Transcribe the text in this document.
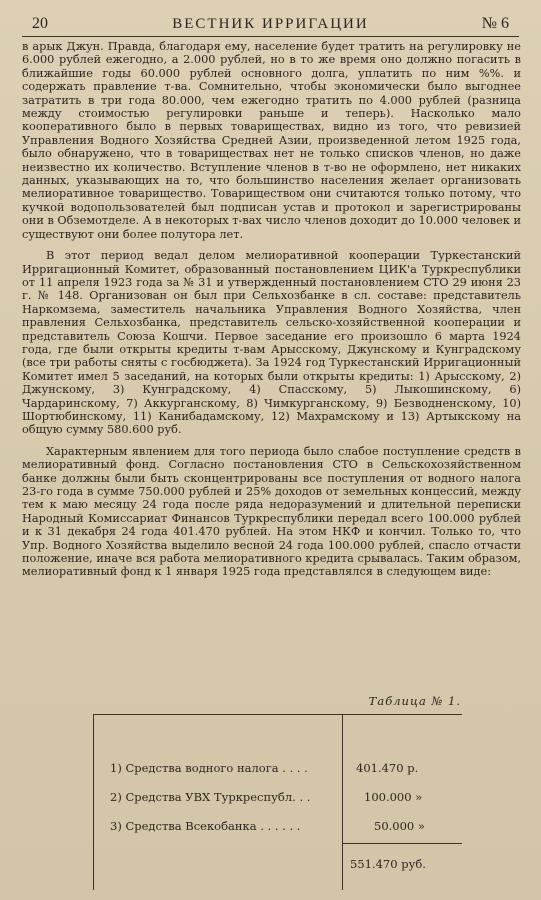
20	ВЕСТНИК ИРРИГАЦИИ	№ 6

в арык Джун. Правда, благодаря ему, население будет тратить на регулировку не 6.000 рублей ежегодно, а 2.000 рублей, но в то же время оно должно погасить в ближайшие годы 60.000 рублей основного долга, уплатить по ним %%. и содержать правление т-ва. Сомнительно, чтобы экономически было выгоднее затратить в три года 80.000, чем ежегодно тратить по 4.000 рублей (разница между стоимостью регулировки раньше и теперь). Насколько мало кооперативного было в первых товариществах, видно из того, что ревизией Управления Водного Хозяйства Средней Азии, произведенной летом 1925 года, было обнаружено, что в товариществах нет не только списков членов, но даже неизвестно их количество. Вступление членов в т-во не оформлено, нет никаких данных, указывающих на то, что большинство населения желает организовать мелиоративное товарищество. Товариществом они считаются только потому, что кучкой водопользователей был подписан устав и протокол и зарегистрированы они в Обземотделе. А в некоторых т-вах число членов доходит до 10.000 человек и существуют они более полутора лет.

В этот период ведал делом мелиоративной кооперации Туркестанский Ирригационный Комитет, образованный постановлением ЦИК'а Туркреспублики от 11 апреля 1923 года за № 31 и утвержденный постановлением СТО 29 июня 23 г. № 148. Организован он был при Сельхозбанке в сл. составе: представитель Наркомзема, заместитель начальника Управления Водного Хозяйства, член правления Сельхозбанка, представитель сельско-хозяйственной кооперации и представитель Союза Кошчи. Первое заседание его произошло 6 марта 1924 года, где были открыты кредиты т-вам Арысскому, Джунскому и Кунградскому (все три работы сняты с госбюджета). За 1924 год Туркестанский Ирригационный Комитет имел 5 заседаний, на которых были открыты кредиты: 1) Арысскому, 2) Джунскому, 3) Кунградскому, 4) Спасскому, 5) Лыкошинскому, 6) Чардаринскому, 7) Аккурганскому, 8) Чимкурганскому, 9) Безводненскому, 10) Шортюбинскому, 11) Канибадамскому, 12) Махрамскому и 13) Артыкскому на общую сумму 580.600 руб.

Характерным явлением для того периода было слабое поступление средств в мелиоративный фонд. Согласно постановления СТО в Сельскохозяйственном банке должны были быть сконцентрированы все поступления от водного налога 23-го года в сумме 750.000 рублей и 25% доходов от земельных концессий, между тем к маю месяцу 24 года после ряда недоразумений и длительной переписки Народный Комиссариат Финансов Туркреспублики передал всего 100.000 рублей и к 31 декабря 24 года 401.470 рублей. На этом НКФ и кончил. Только то, что Упр. Водного Хозяйства выделило весной 24 года 100.000 рублей, спасло отчасти положение, иначе вся работа мелиоративного кредита срывалась. Таким образом, мелиоративный фонд к 1 января 1925 года представлялся в следующем виде:

Таблица № 1.
1) Средства водного налога . . . .	401.470 р.
2) Средства УВХ Туркреспубл. . .	100.000 »
3) Средства Всекобанка . . . . . .	50.000 »
551.470 руб.
